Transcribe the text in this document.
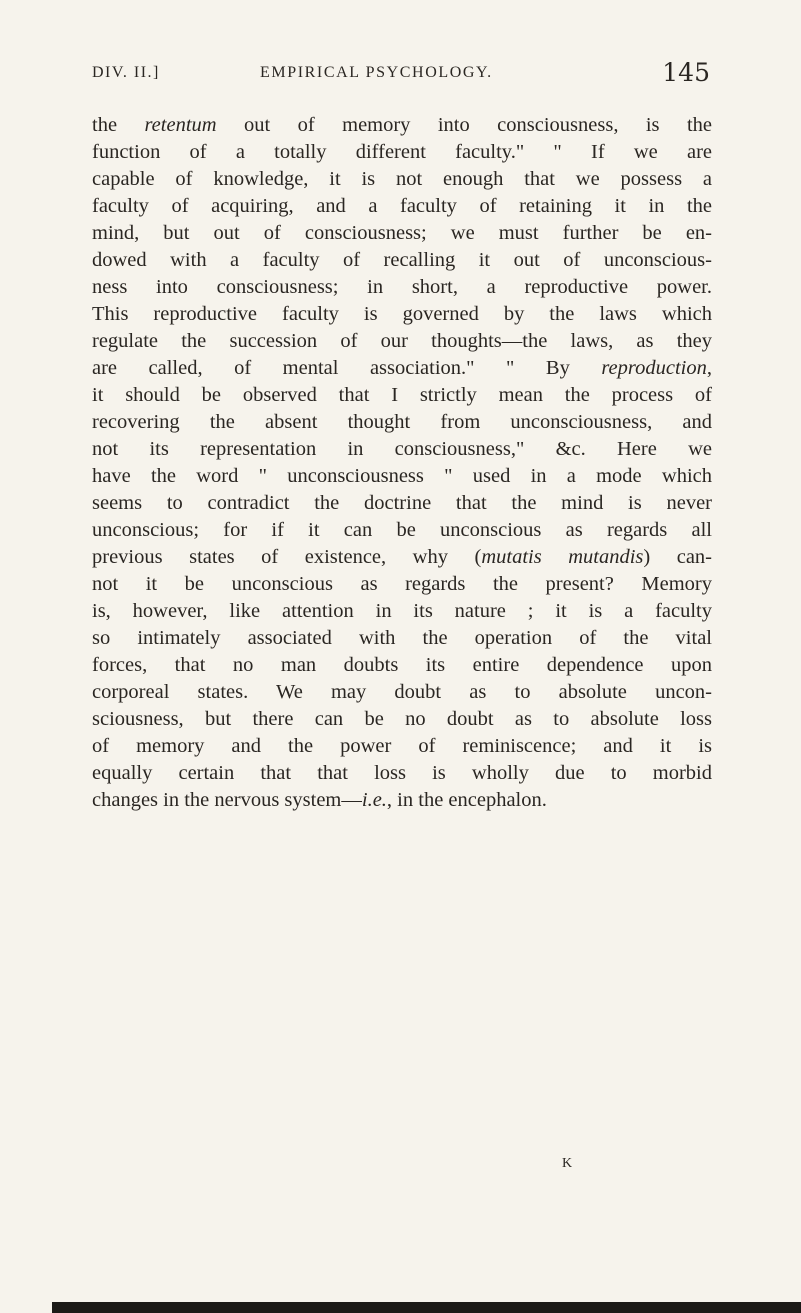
DIV. II.]	EMPIRICAL PSYCHOLOGY.	145
the retentum out of memory into consciousness, is the
function of a totally different faculty." " If we are
capable of knowledge, it is not enough that we possess a
faculty of acquiring, and a faculty of retaining it in the
mind, but out of consciousness; we must further be en-
dowed with a faculty of recalling it out of unconscious-
ness into consciousness; in short, a reproductive power.
This reproductive faculty is governed by the laws which
regulate the succession of our thoughts—the laws, as they
are called, of mental association." " By reproduction,
it should be observed that I strictly mean the process of
recovering the absent thought from unconsciousness, and
not its representation in consciousness," &c. Here we
have the word " unconsciousness " used in a mode which
seems to contradict the doctrine that the mind is never
unconscious; for if it can be unconscious as regards all
previous states of existence, why (mutatis mutandis) can-
not it be unconscious as regards the present? Memory
is, however, like attention in its nature ; it is a faculty
so intimately associated with the operation of the vital
forces, that no man doubts its entire dependence upon
corporeal states. We may doubt as to absolute uncon-
sciousness, but there can be no doubt as to absolute loss
of memory and the power of reminiscence; and it is
equally certain that that loss is wholly due to morbid
changes in the nervous system—i.e., in the encephalon.
K
